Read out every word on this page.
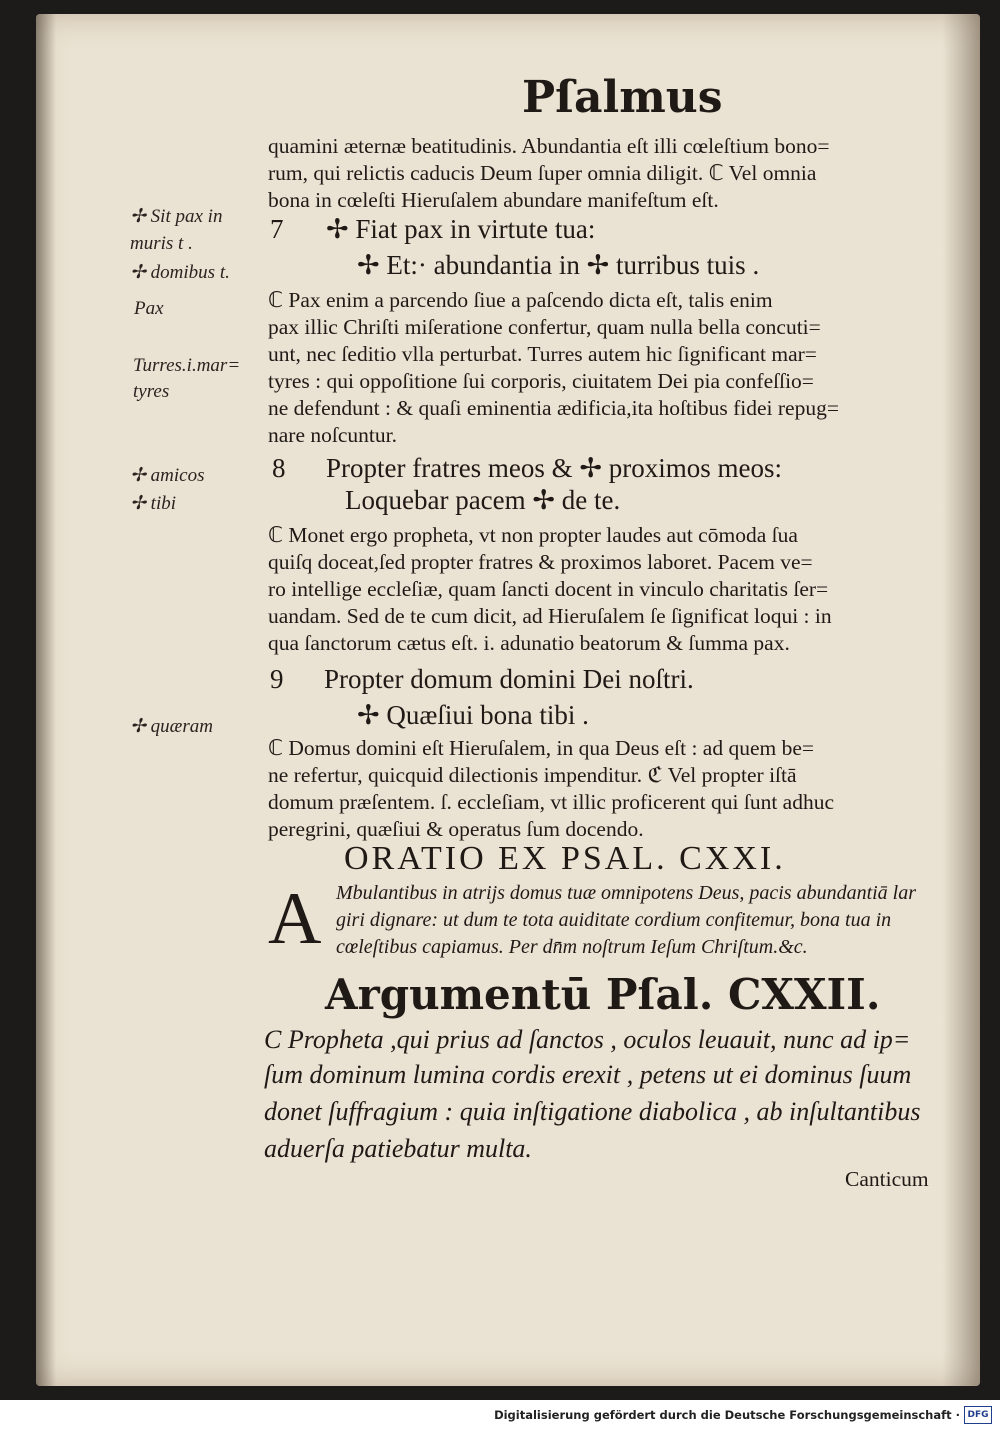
Pſalmus
quamini æternæ beatitudinis. Abundantia eſt illi cœleſtium bono=
rum, qui relictis caducis Deum ſuper omnia diligit. ℂ Vel omnia
bona in cœleſti Hieruſalem abundare manifeſtum eſt.
7 ✢ Fiat pax in virtute tua:
✢ Et:· abundantia in ✢ turribus tuis .
ℂ Pax enim a parcendo ſiue a paſcendo dicta eſt, talis enim
pax illic Chriſti miſeratione confertur, quam nulla bella concuti=
unt, nec ſeditio vlla perturbat. Turres autem hic ſignificant mar=
tyres : qui oppoſitione ſui corporis, ciuitatem Dei pia confeſſio=
ne defendunt : & quaſi eminentia ædificia,ita hoſtibus fidei repug=
nare noſcuntur.
8 Propter fratres meos & ✢ proximos meos:
Loquebar pacem ✢ de te.
ℂ Monet ergo propheta, vt non propter laudes aut cōmoda ſua
quiſq doceat,ſed propter fratres & proximos laboret. Pacem ve=
ro intellige eccleſiæ, quam ſancti docent in vinculo charitatis ſer=
uandam. Sed de te cum dicit, ad Hieruſalem ſe ſignificat loqui : in
qua ſanctorum cætus eſt. i. adunatio beatorum & ſumma pax.
9 Propter domum domini Dei noſtri.
✢ Quæſiui bona tibi .
ℂ Domus domini eſt Hieruſalem, in qua Deus eſt : ad quem be=
ne refertur, quicquid dilectionis impenditur. ℭ Vel propter iſtā
domum præſentem. ſ. eccleſiam, vt illic proficerent qui ſunt adhuc
peregrini, quæſiui & operatus ſum docendo.
ORATIO EX PSAL. CXXI.
A Mbulantibus in atrijs domus tuæ omnipotens Deus, pacis abundantiā lar
giri dignare: ut dum te tota auiditate cordium confitemur, bona tua in
cœleſtibus capiamus. Per dn̄m noſtrum Ieſum Chriſtum.&c.
Argumentū Pſal. CXXII.
C Propheta ,qui prius ad ſanctos , oculos leuauit, nunc ad ip=
ſum dominum lumina cordis erexit , petens ut ei dominus ſuum
donet ſuffragium : quia inſtigatione diabolica , ab inſultantibus
aduerſa patiebatur multa.
Canticum
✢ Sit pax in
muris t .
✢ domibus t.
Pax
Turres.i.mar=
tyres
✢ amicos
✢ tibi
✢ quæram
Digitalisierung gefördert durch die Deutsche Forschungsgemeinschaft · DFG
